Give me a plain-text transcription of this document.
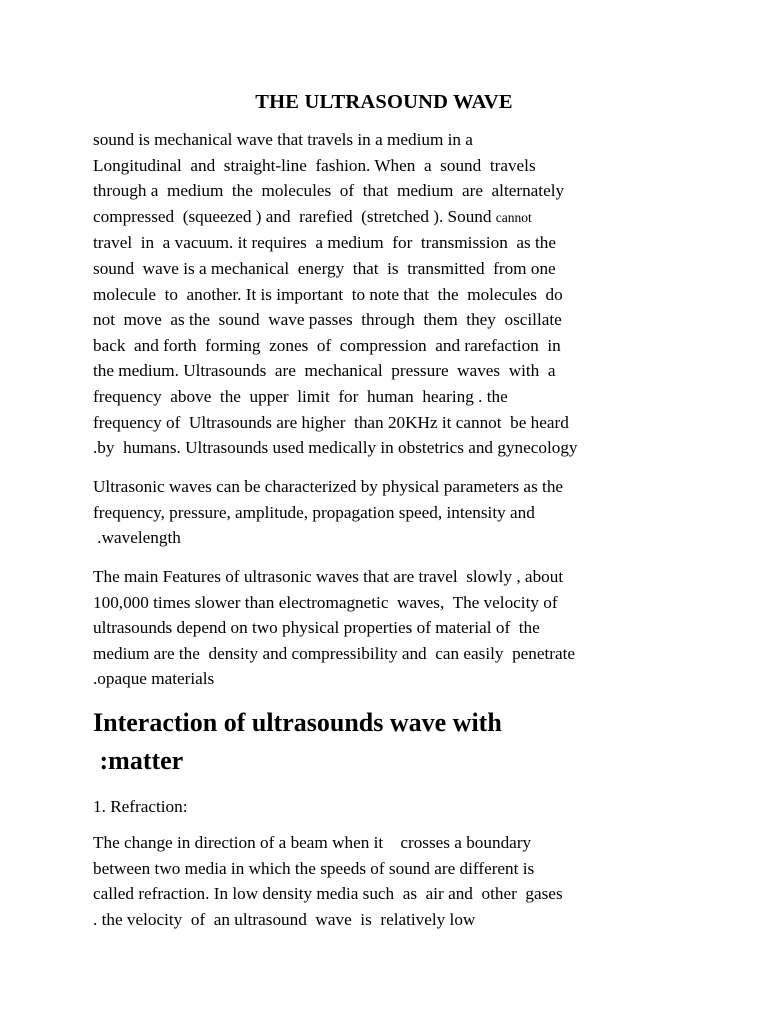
THE ULTRASOUND WAVE
sound is mechanical wave that travels in a medium in a
Longitudinal  and  straight-line  fashion. When  a  sound  travels
through a  medium  the  molecules  of  that  medium  are  alternately
compressed  (squeezed ) and  rarefied  (stretched ). Sound cannot
travel  in  a vacuum. it requires  a medium  for  transmission  as the
sound  wave is a mechanical  energy  that  is  transmitted  from one
molecule  to  another. It is important  to note that  the  molecules  do
not  move  as the  sound  wave passes  through  them  they  oscillate
back  and forth  forming  zones  of  compression  and rarefaction  in
the medium. Ultrasounds  are  mechanical  pressure  waves  with  a
frequency  above  the  upper  limit  for  human  hearing . the
frequency of  Ultrasounds are higher  than 20KHz it cannot  be heard
.by  humans. Ultrasounds used medically in obstetrics and gynecology
Ultrasonic waves can be characterized by physical parameters as the
frequency, pressure, amplitude, propagation speed, intensity and
.wavelength
The main Features of ultrasonic waves that are travel  slowly , about
100,000 times slower than electromagnetic  waves,  The velocity of
ultrasounds depend on two physical properties of material of  the
medium are the  density and compressibility and  can easily  penetrate
.opaque materials
Interaction of ultrasounds wave with
:matter
1. Refraction:
The change in direction of a beam when it    crosses a boundary
between two media in which the speeds of sound are different is
called refraction. In low density media such  as  air and  other  gases
. the velocity  of  an ultrasound  wave  is  relatively low
